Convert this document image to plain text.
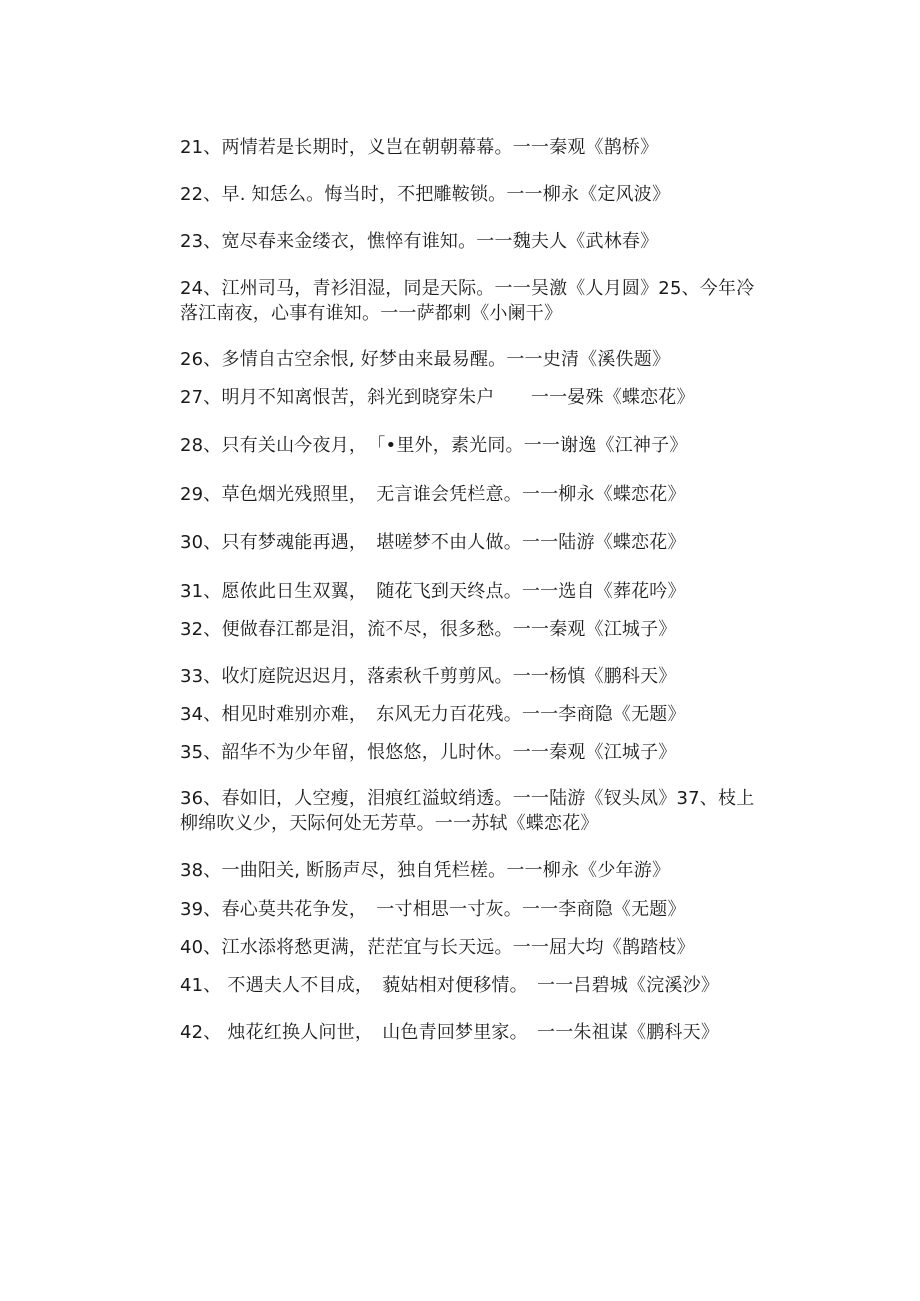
21、两情若是长期时，义岂在朝朝幕幕。一一秦观《鹊桥》
22、早. 知恁么。悔当时，不把雕鞍锁。一一柳永《定风波》
23、宽尽春来金缕衣，憔悴有谁知。一一魏夫人《武林春》
24、江州司马，青衫泪湿，同是天际。一一吴激《人月圆》25、今年冷落江南夜，心事有谁知。一一萨都剌《小阑干》
26、多情自古空余恨, 好梦由来最易醒。一一史清《溪佚题》
27、明月不知离恨苦，斜光到晓穿朱户　　一一晏殊《蝶恋花》
28、只有关山今夜月，　「•里外，素光同。一一谢逸《江神子》
29、草色烟光残照里，　无言谁会凭栏意。一一柳永《蝶恋花》
30、只有梦魂能再遇，　堪嗟梦不由人做。一一陆游《蝶恋花》
31、愿侬此日生双翼，　随花飞到天终点。一一选自《葬花吟》
32、便做春江都是泪，流不尽，很多愁。一一秦观《江城子》
33、收灯庭院迟迟月，落索秋千剪剪风。一一杨慎《鹏科天》
34、相见时难别亦难，　东风无力百花残。一一李商隐《无题》
35、韶华不为少年留，恨悠悠，儿时休。一一秦观《江城子》
36、春如旧，人空瘦，泪痕红溢蚊绡透。一一陆游《钗头凤》37、枝上柳绵吹义少，天际何处无芳草。一一苏轼《蝶恋花》
38、一曲阳关, 断肠声尽，独自凭栏槎。一一柳永《少年游》
39、春心莫共花争发，　一寸相思一寸灰。一一李商隐《无题》
40、江水添将愁更满，茫茫宜与长天远。一一屈大均《鹊踏枝》
41、 不遇夫人不目成，　藐姑相对便移情。　一一吕碧城《浣溪沙》
42、 烛花红换人问世，　山色青回梦里家。　一一朱祖谋《鹏科天》
